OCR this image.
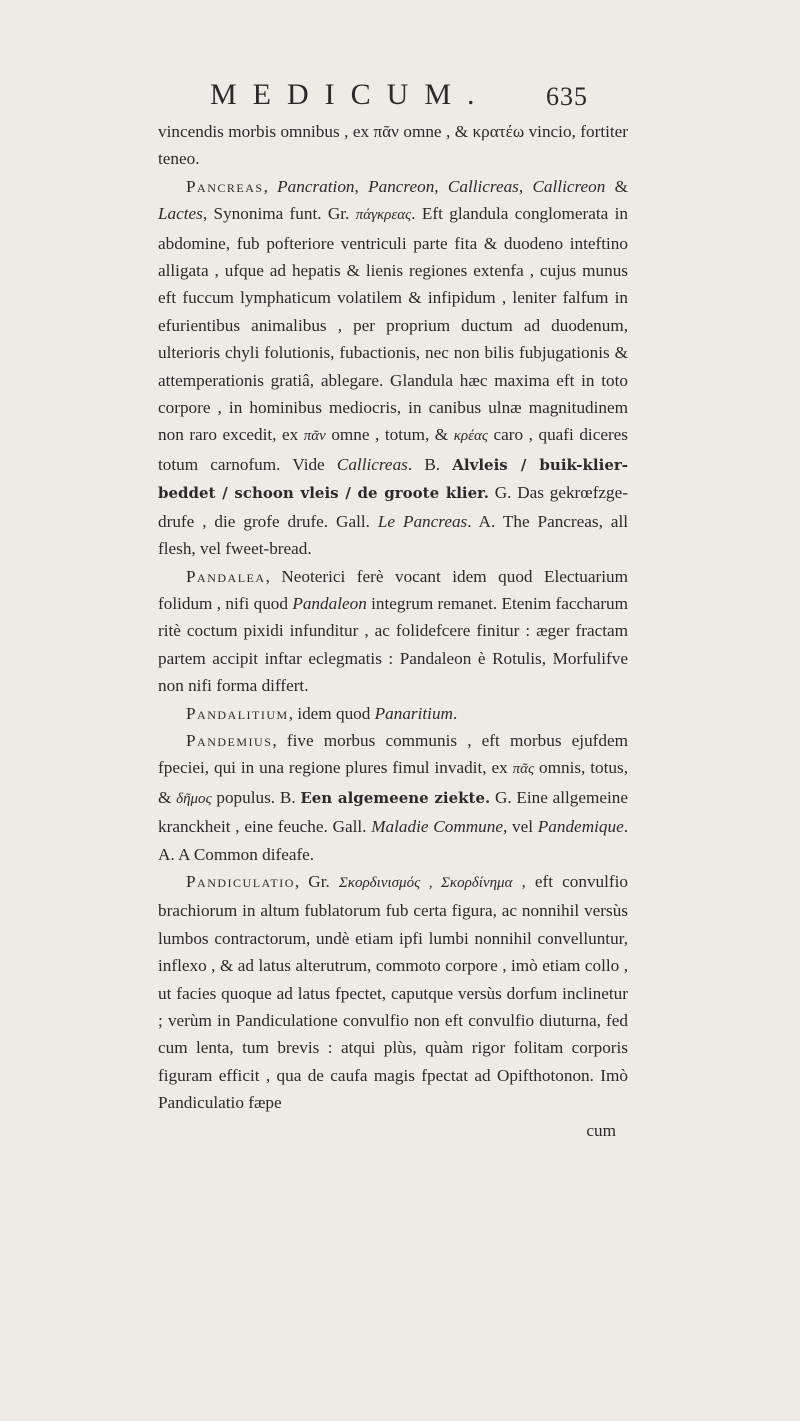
MEDICUM. 635

vincendis morbis omnibus , ex πᾶν omne , & κρατέω vincio, fortiter teneo.

Pancreas, Pancration, Pancreon, Callicreas, Callicreon & Lactes, Synonima funt. Gr. πάγκρεας. Eft glandula conglomerata in abdomine, fub pofteriore ventriculi parte fita & duodeno inteftino alligata , ufque ad hepatis & lienis regiones extenfa , cujus munus eft fuccum lymphaticum volatilem & infipidum , leniter falfum in efurientibus animalibus , per proprium ductum ad duodenum, ulterioris chyli folutionis, fubactionis, nec non bilis fubjugationis & attemperationis gratiâ, ablegare. Glandula hæc maxima eft in toto corpore , in hominibus mediocris, in canibus ulnæ magnitudinem non raro excedit, ex πᾶν omne , totum, & κρέας caro , quafi diceres totum carnofum. Vide Callicreas. B. Alvleis / buik-klier-beddet / schoon vleis / de groote klier. G. Das gekrœfzge-drufe , die grofe drufe. Gall. Le Pancreas. A. The Pancreas, all flesh, vel fweet-bread.

Pandalea, Neoterici ferè vocant idem quod Electuarium folidum , nifi quod Pandaleon integrum remanet. Etenim faccharum ritè coctum pixidi infunditur , ac folidefcere finitur : æger fractam partem accipit inftar eclegmatis : Pandaleon è Rotulis, Morfulifve non nifi forma differt.

Pandalitium, idem quod Panaritium.

Pandemius, five morbus communis , eft morbus ejufdem fpeciei, qui in una regione plures fimul invadit, ex πᾶς omnis, totus, & δῆμος populus. B. Een algemeene ziekte. G. Eine allgemeine kranckheit , eine feuche. Gall. Maladie Commune, vel Pandemique. A. A Common difeafe.

Pandiculatio, Gr. Σκορδινισμός , Σκορδίνημα , eft convulfio brachiorum in altum fublatorum fub certa figura, ac nonnihil versùs lumbos contractorum, undè etiam ipfi lumbi nonnihil convelluntur, inflexo , & ad latus alterutrum, commoto corpore , imò etiam collo , ut facies quoque ad latus fpectet, caputque versùs dorfum inclinetur ; verùm in Pandiculatione convulfio non eft convulfio diuturna, fed cum lenta, tum brevis : atqui plùs, quàm rigor folitam corporis figuram efficit , qua de caufa magis fpectat ad Opifthotonon. Imò Pandiculatio fæpe

cum
